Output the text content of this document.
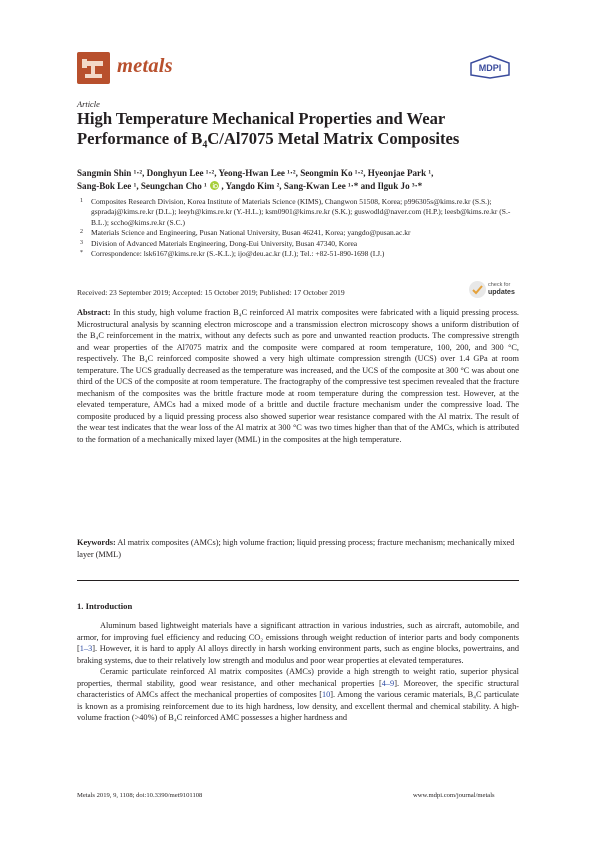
metals	MDPI
Article
High Temperature Mechanical Properties and Wear Performance of B₄C/Al7075 Metal Matrix Composites
Sangmin Shin ¹·², Donghyun Lee ¹·², Yeong-Hwan Lee ¹·², Seongmin Ko ¹·², Hyeonjae Park ¹,
Sang-Bok Lee ¹, Seungchan Cho ¹ , Yangdo Kim ², Sang-Kwan Lee ¹·* and Ilguk Jo ³·*
1 Composites Research Division, Korea Institute of Materials Science (KIMS), Changwon 51508, Korea; p996305s@kims.re.kr (S.S.); gspradaj@kims.re.kr (D.L.); leeyh@kims.re.kr (Y.-H.L.); ksm0901@kims.re.kr (S.K.); guswodld@naver.com (H.P.); leesb@kims.re.kr (S.-B.L.); sccho@kims.re.kr (S.C.)
2 Materials Science and Engineering, Pusan National University, Busan 46241, Korea; yangdo@pusan.ac.kr
3 Division of Advanced Materials Engineering, Dong-Eui University, Busan 47340, Korea
* Correspondence: lsk6167@kims.re.kr (S.-K.L.); ijo@deu.ac.kr (I.J.); Tel.: +82-51-890-1698 (I.J.)
Received: 23 September 2019; Accepted: 15 October 2019; Published: 17 October 2019
check for
updates
Abstract: In this study, high volume fraction B₄C reinforced Al matrix composites were fabricated with a liquid pressing process. Microstructural analysis by scanning electron microscope and a transmission electron microscopy shows a uniform distribution of the B₄C reinforcement in the matrix, without any defects such as pore and unwanted reaction products. The compressive strength and wear properties of the Al7075 matrix and the composite were compared at room temperature, 100, 200, and 300 °C, respectively. The B₄C reinforced composite showed a very high ultimate compression strength (UCS) over 1.4 GPa at room temperature. The UCS gradually decreased as the temperature was increased, and the UCS of the composite at 300 °C was about one third of the UCS of the composite at room temperature. The fractography of the compressive test specimen revealed that the fracture mechanism of the composites was the brittle fracture mode at room temperature during the compression test. However, at the elevated temperature, AMCs had a mixed mode of a brittle and ductile fracture mechanism under the compressive load. The composite produced by a liquid pressing process also showed superior wear resistance compared with the Al matrix. The result of the wear test indicates that the wear loss of the Al matrix at 300 °C was two times higher than that of the AMCs, which is attributed to the formation of a mechanically mixed layer (MML) in the composites at the high temperature.
Keywords: Al matrix composites (AMCs); high volume fraction; liquid pressing process; fracture mechanism; mechanically mixed layer (MML)
1. Introduction

Aluminum based lightweight materials have a significant attraction in various industries, such as aircraft, automobile, and armor, for improving fuel efficiency and reducing CO₂ emissions through weight reduction of interior parts and body components [1–3]. However, it is hard to apply Al alloys directly in harsh working environment parts, such as engine blocks, powertrains, and braking systems, due to their relatively low strength and modulus and poor wear properties at elevated temperatures.

Ceramic particulate reinforced Al matrix composites (AMCs) provide a high strength to weight ratio, superior physical properties, thermal stability, good wear resistance, and other mechanical properties [4–9]. Moreover, the specific structural characteristics of AMCs affect the mechanical properties of composites [10]. Among the various ceramic materials, B₄C particulate is known as a promising reinforcement due to its high hardness, low density, and excellent thermal and chemical stability. A high-volume fraction (>40%) of B₄C reinforced AMC possesses a higher hardness and

Metals 2019, 9, 1108; doi:10.3390/met9101108	www.mdpi.com/journal/metals
